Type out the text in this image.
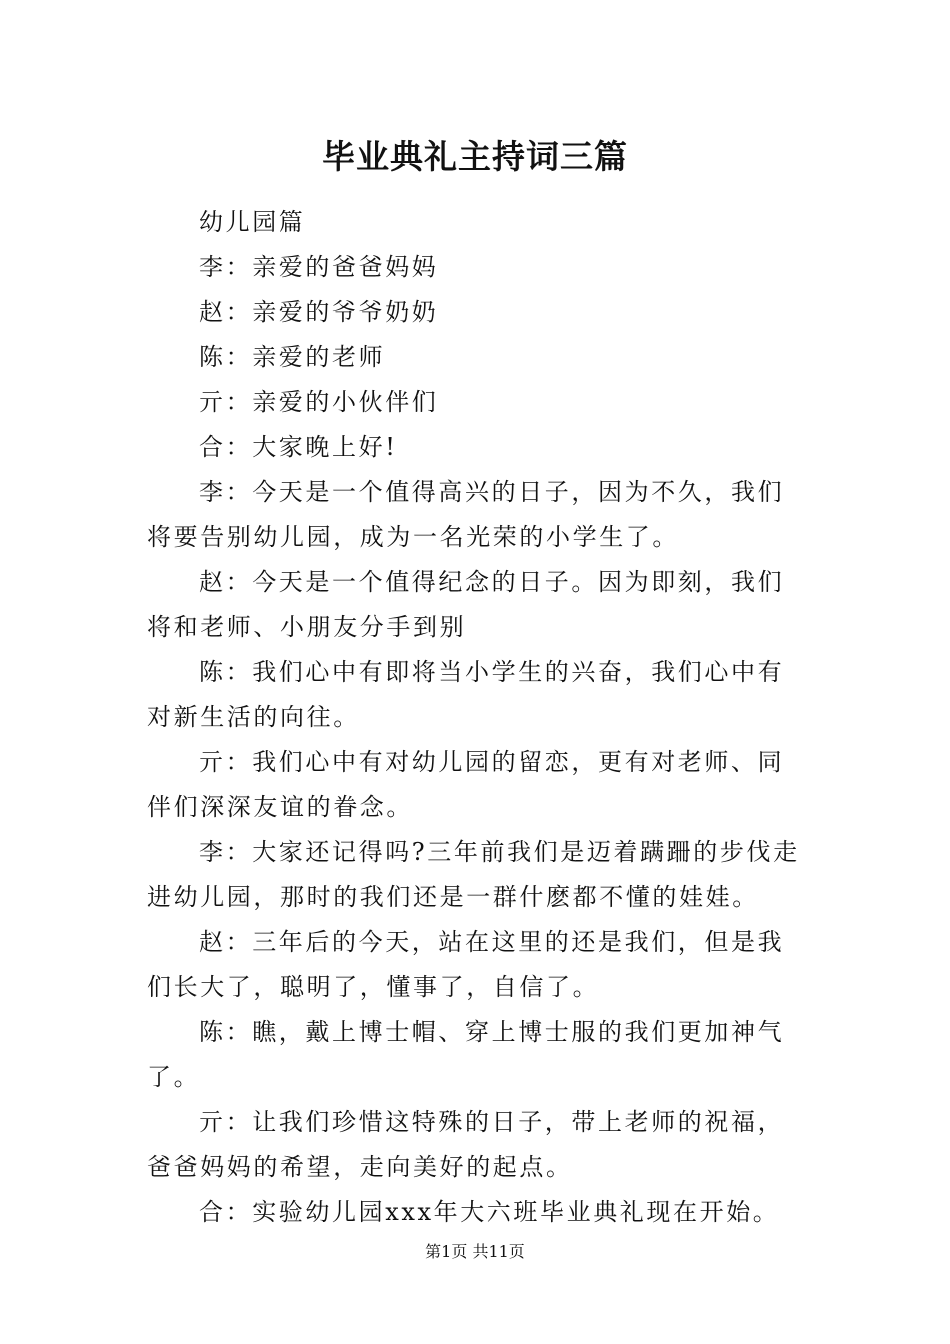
毕业典礼主持词三篇

幼儿园篇

李：亲爱的爸爸妈妈

赵：亲爱的爷爷奶奶

陈：亲爱的老师

亓：亲爱的小伙伴们

合：大家晚上好!

李：今天是一个值得高兴的日子，因为不久，我们将要告别幼儿园，成为一名光荣的小学生了。

赵：今天是一个值得纪念的日子。因为即刻，我们将和老师、小朋友分手到别

陈：我们心中有即将当小学生的兴奋，我们心中有对新生活的向往。

亓：我们心中有对幼儿园的留恋，更有对老师、同伴们深深友谊的眷念。

李：大家还记得吗?三年前我们是迈着蹒跚的步伐走进幼儿园，那时的我们还是一群什麽都不懂的娃娃。

赵：三年后的今天，站在这里的还是我们，但是我们长大了，聪明了，懂事了，自信了。

陈：瞧，戴上博士帽、穿上博士服的我们更加神气了。

亓：让我们珍惜这特殊的日子，带上老师的祝福，爸爸妈妈的希望，走向美好的起点。

合：实验幼儿园xxx年大六班毕业典礼现在开始。

第1页 共11页
